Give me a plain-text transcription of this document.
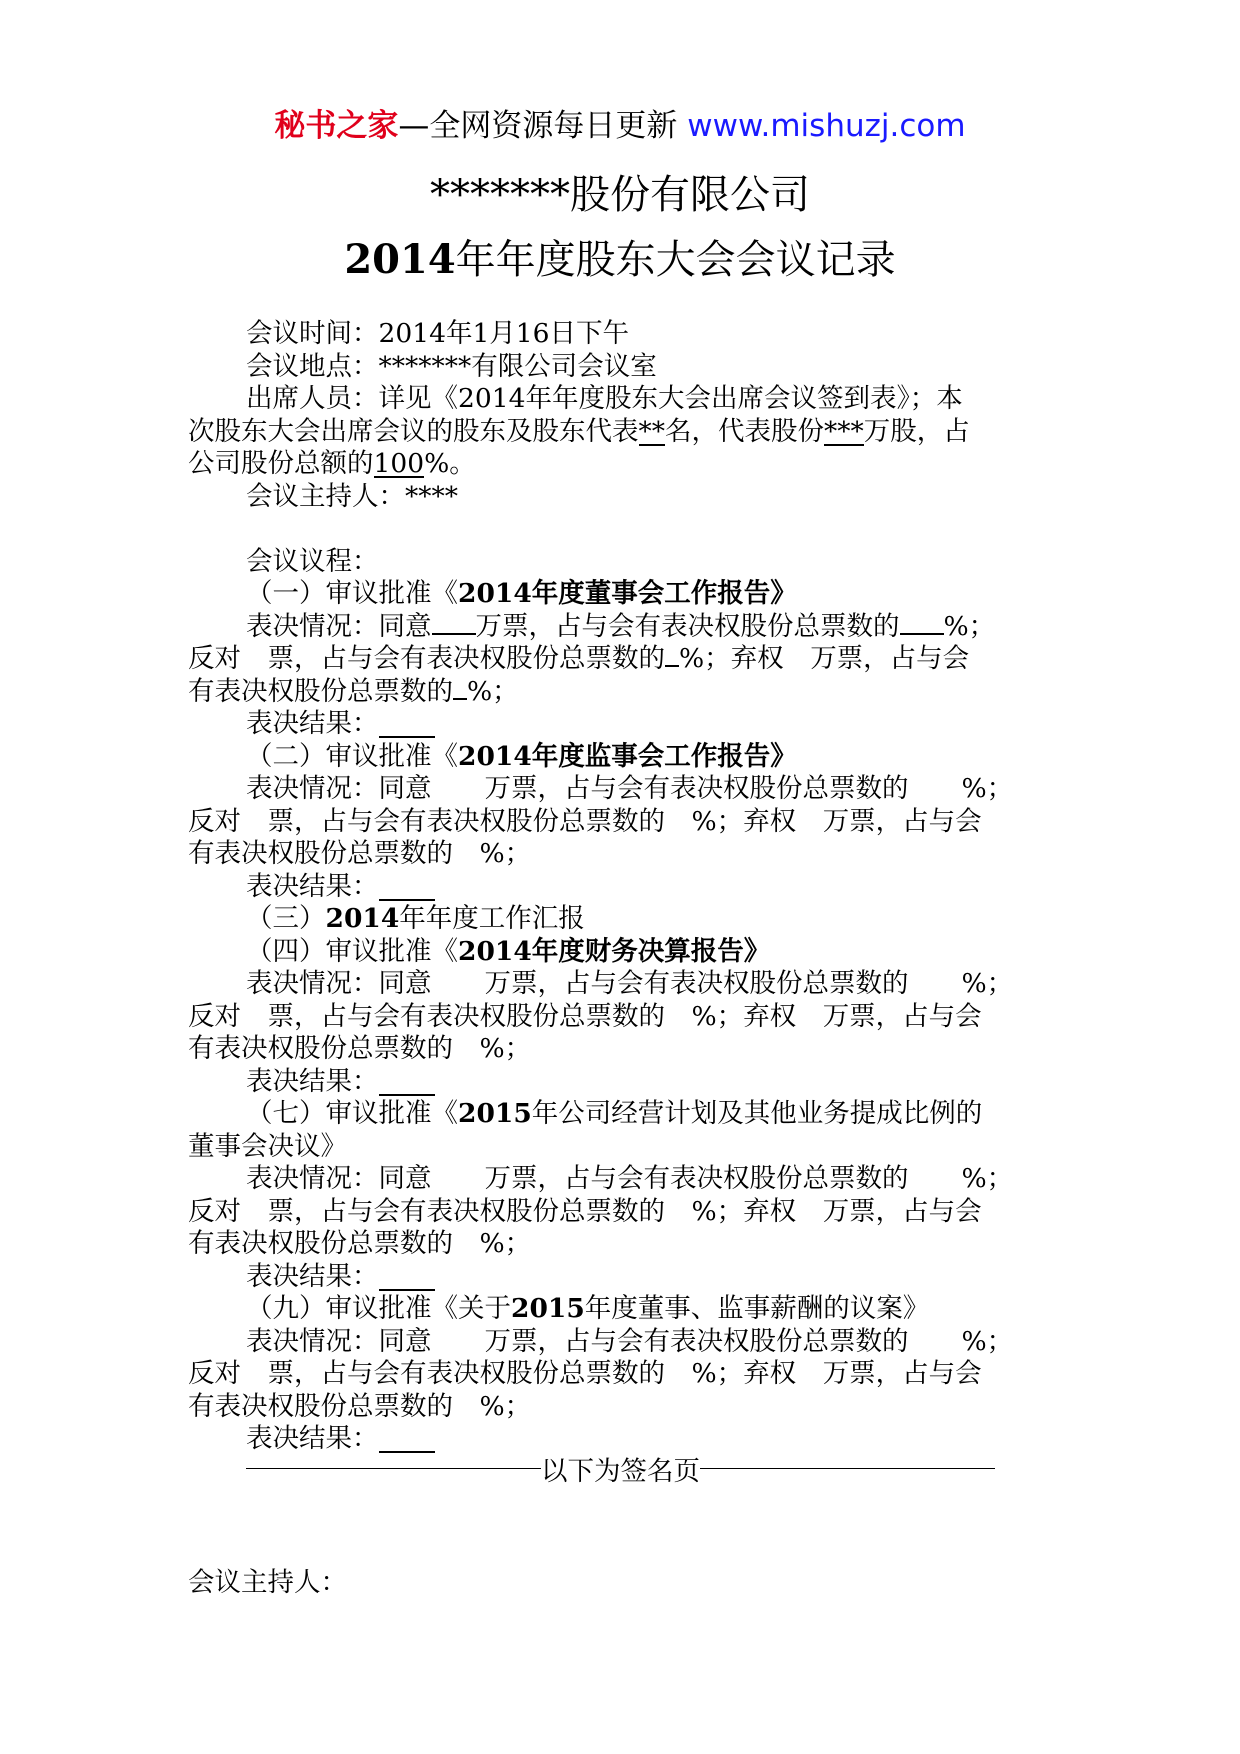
秘书之家—全网资源每日更新 www.mishuzj.com
*******股份有限公司
2014年年度股东大会会议记录

会议时间：2014年1月16日下午

会议地点：*******有限公司会议室

出席人员：详见《2014年年度股东大会出席会议签到表》；本

次股东大会出席会议的股东及股东代表**名，代表股份***万股，占

公司股份总额的100%。

会议主持人：****

会议议程：

（一）审议批准《2014年度董事会工作报告》

表决情况：同意 万票，占与会有表决权股份总票数的 %；

反对　 票，占与会有表决权股份总票数的 %；弃权　 万票，占与会

有表决权股份总票数的 %；

表决结果：

（二）审议批准《2014年度监事会工作报告》

表决情况：同意　　 万票，占与会有表决权股份总票数的　　 %；

反对　 票，占与会有表决权股份总票数的　 %；弃权　 万票，占与会

有表决权股份总票数的　 %；

表决结果：

（三）2014年年度工作汇报

（四）审议批准《2014年度财务决算报告》

表决情况：同意　　 万票，占与会有表决权股份总票数的　　 %；

反对　 票，占与会有表决权股份总票数的　 %；弃权　 万票，占与会

有表决权股份总票数的　 %；

表决结果：

（七）审议批准《2015年公司经营计划及其他业务提成比例的

董事会决议》

表决情况：同意　　 万票，占与会有表决权股份总票数的　　 %；

反对　 票，占与会有表决权股份总票数的　 %；弃权　 万票，占与会

有表决权股份总票数的　 %；

表决结果：

（九）审议批准《关于2015年度董事、监事薪酬的议案》

表决情况：同意　　 万票，占与会有表决权股份总票数的　　 %；

反对　 票，占与会有表决权股份总票数的　 %；弃权　 万票，占与会

有表决权股份总票数的　 %；

表决结果：

以下为签名页

会议主持人：
